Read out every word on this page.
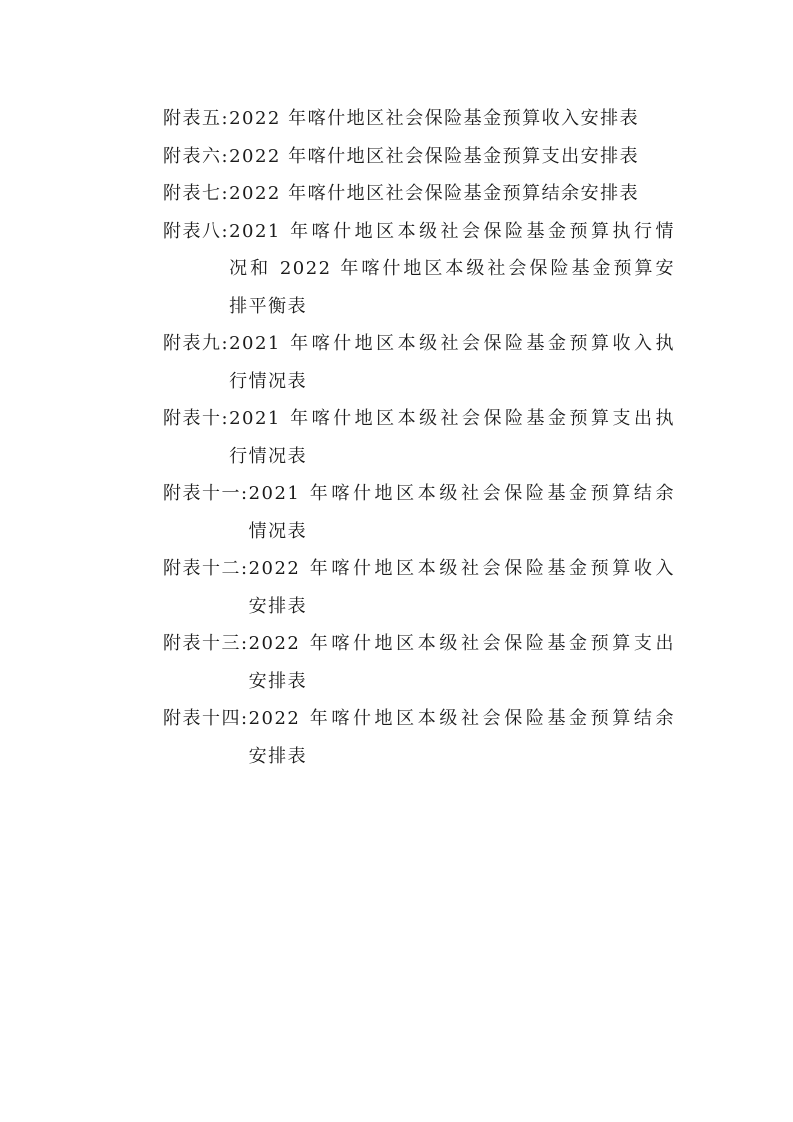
附表五 : 2022 年喀什地区社会保险基金预算收入安排表
附表六 : 2022 年喀什地区社会保险基金预算支出安排表
附表七 : 2022 年喀什地区社会保险基金预算结余安排表
附表八 : 2021 年喀什地区本级社会保险基金预算执行情
况和 2022 年喀什地区本级社会保险基金预算安
排平衡表
附表九 : 2021 年喀什地区本级社会保险基金预算收入执
行情况表
附表十 : 2021 年喀什地区本级社会保险基金预算支出执
行情况表
附表十一 : 2021 年喀什地区本级社会保险基金预算结余
情况表
附表十二 : 2022 年喀什地区本级社会保险基金预算收入
安排表
附表十三 : 2022 年喀什地区本级社会保险基金预算支出
安排表
附表十四 : 2022 年喀什地区本级社会保险基金预算结余
安排表
